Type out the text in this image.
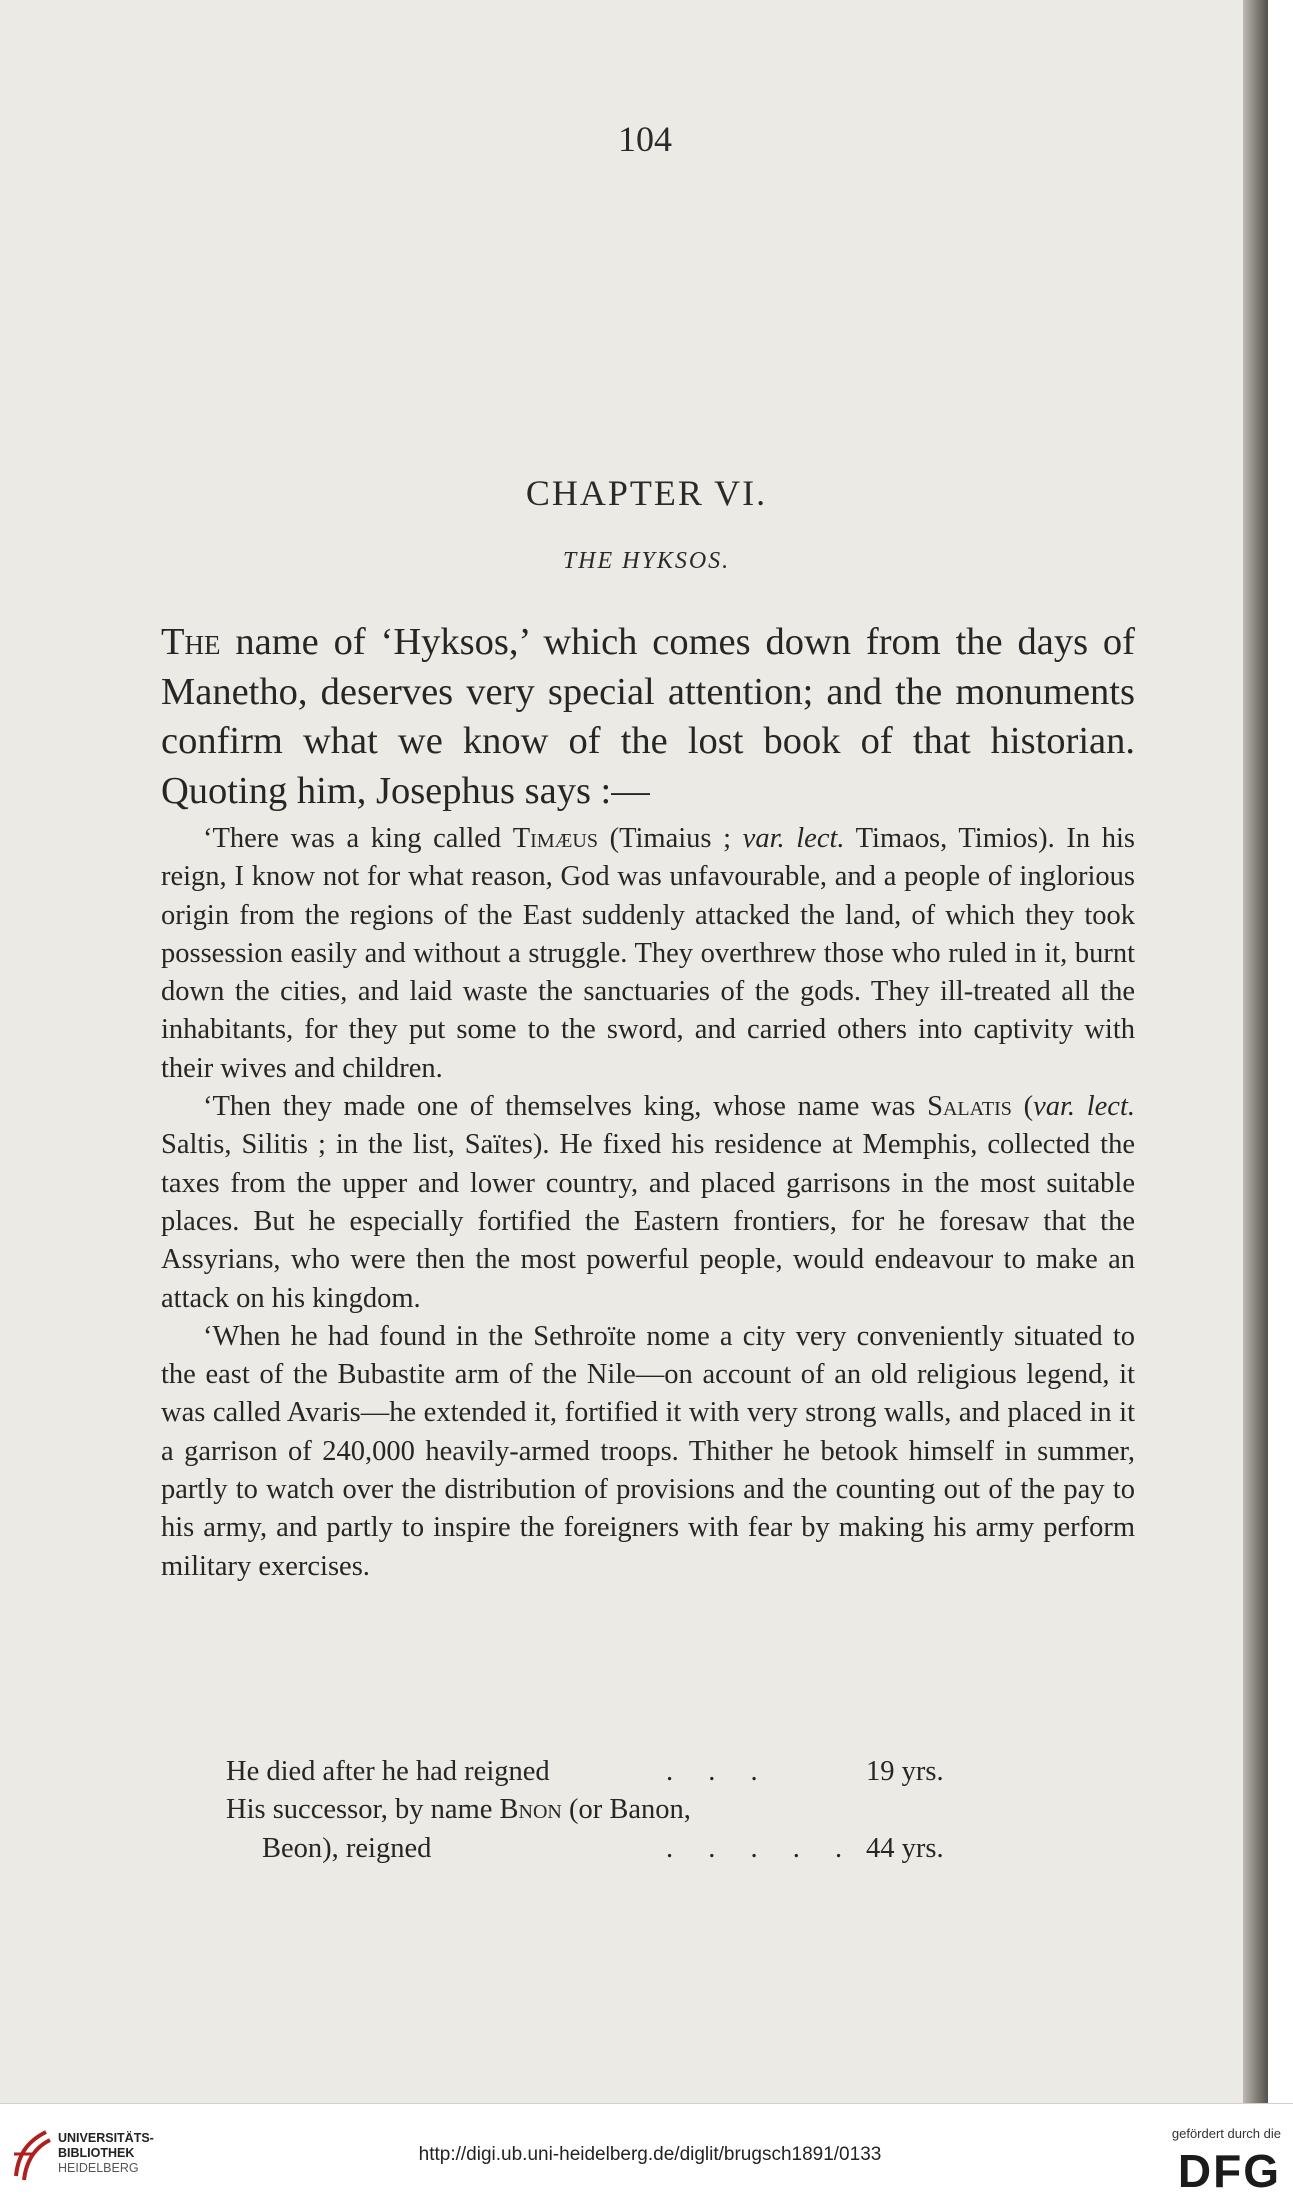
104
CHAPTER VI.
THE HYKSOS.
The name of ‘Hyksos,’ which comes down from the days of Manetho, deserves very special attention; and the monuments confirm what we know of the lost book of that historian. Quoting him, Josephus says :—

‘There was a king called Timæus (Timaius ; var. lect. Timaos, Timios). In his reign, I know not for what reason, God was unfavourable, and a people of inglorious origin from the regions of the East suddenly attacked the land, of which they took possession easily and without a struggle. They overthrew those who ruled in it, burnt down the cities, and laid waste the sanctuaries of the gods. They ill-treated all the inhabitants, for they put some to the sword, and carried others into captivity with their wives and children.

‘Then they made one of themselves king, whose name was Salatis (var. lect. Saltis, Silitis ; in the list, Saïtes). He fixed his residence at Memphis, collected the taxes from the upper and lower country, and placed garrisons in the most suitable places. But he especially fortified the Eastern frontiers, for he foresaw that the Assyrians, who were then the most powerful people, would endeavour to make an attack on his kingdom.

‘When he had found in the Sethroïte nome a city very conveniently situated to the east of the Bubastite arm of the Nile—on account of an old religious legend, it was called Avaris—he extended it, fortified it with very strong walls, and placed in it a garrison of 240,000 heavily-armed troops. Thither he betook himself in summer, partly to watch over the distribution of provisions and the counting out of the pay to his army, and partly to inspire the foreigners with fear by making his army perform military exercises.

He died after he had reigned	. . .	19 yrs.
His successor, by name Bnon (or Banon,
Beon), reigned	. . . . . 44 yrs.
UNIVERSITÄTS-
BIBLIOTHEK
HEIDELBERG
http://digi.ub.uni-heidelberg.de/diglit/brugsch1891/0133
gefördert durch die
DFG
